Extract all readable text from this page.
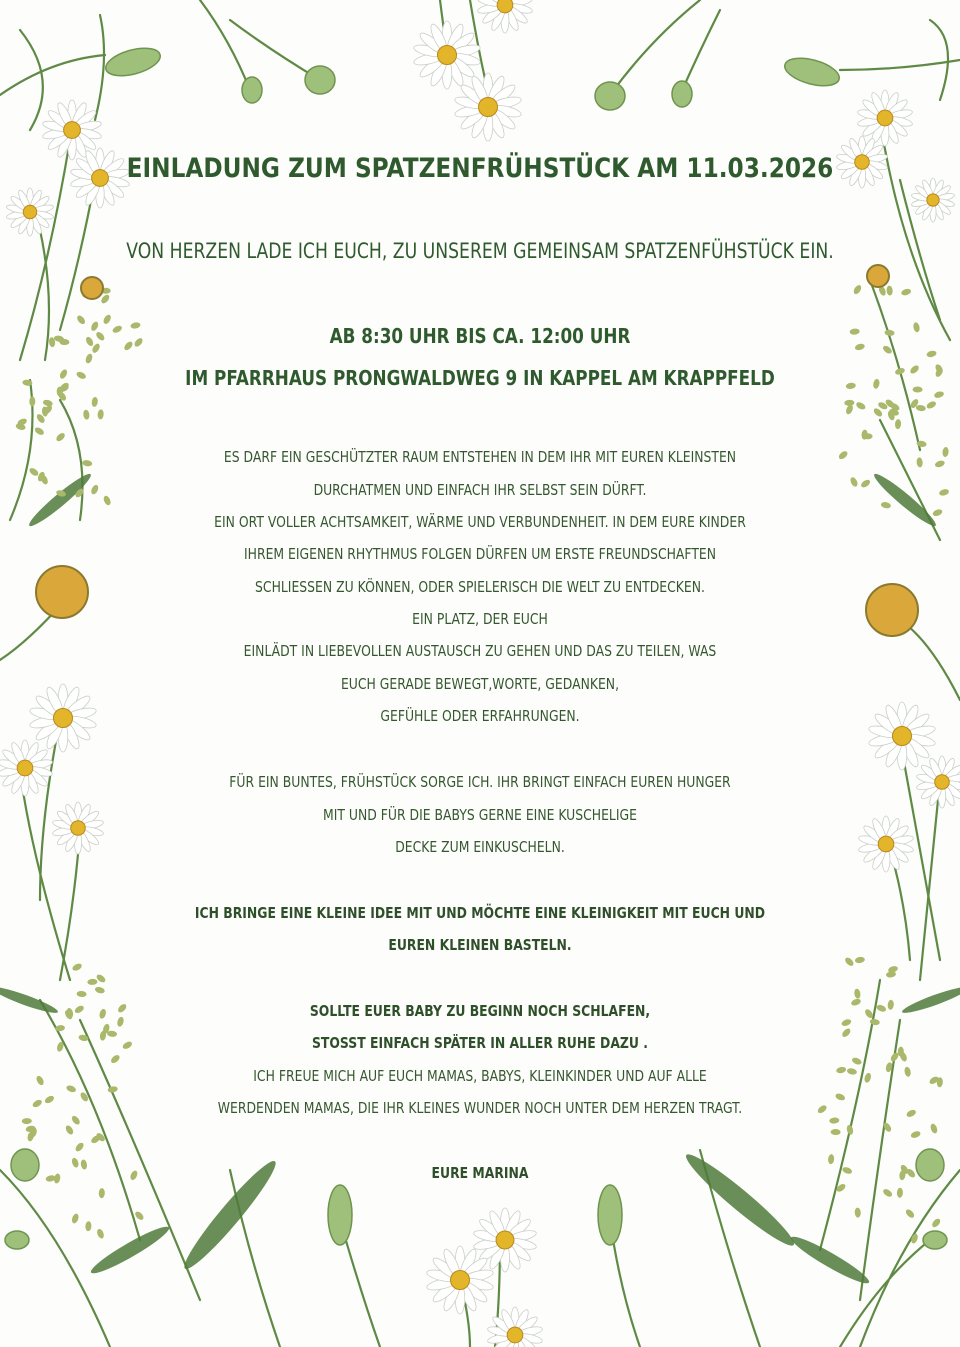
EINLADUNG ZUM SPATZENFRÜHSTÜCK AM 11.03.2026
VON HERZEN LADE ICH EUCH, ZU UNSEREM GEMEINSAM SPATZENFÜHSTÜCK EIN.
AB 8:30 UHR BIS CA. 12:00 UHR
IM PFARRHAUS PRONGWALDWEG 9 IN KAPPEL AM KRAPPFELD
ES DARF EIN GESCHÜTZTER RAUM ENTSTEHEN IN DEM IHR MIT EUREN KLEINSTEN
DURCHATMEN UND EINFACH IHR SELBST SEIN DÜRFT.
EIN ORT VOLLER ACHTSAMKEIT, WÄRME UND VERBUNDENHEIT. IN DEM EURE KINDER
IHREM EIGENEN RHYTHMUS FOLGEN DÜRFEN UM ERSTE FREUNDSCHAFTEN
SCHLIESSEN ZU KÖNNEN, ODER SPIELERISCH DIE WELT ZU ENTDECKEN.
EIN PLATZ, DER EUCH
EINLÄDT IN LIEBEVOLLEN AUSTAUSCH ZU GEHEN UND DAS ZU TEILEN, WAS
EUCH GERADE BEWEGT,WORTE, GEDANKEN,
GEFÜHLE ODER ERFAHRUNGEN.
FÜR EIN BUNTES, FRÜHSTÜCK SORGE ICH. IHR BRINGT EINFACH EUREN HUNGER
MIT UND FÜR DIE BABYS GERNE EINE KUSCHELIGE
DECKE ZUM EINKUSCHELN.
ICH BRINGE EINE KLEINE IDEE MIT UND MÖCHTE EINE KLEINIGKEIT MIT EUCH UND
EUREN KLEINEN BASTELN.
SOLLTE EUER BABY ZU BEGINN NOCH SCHLAFEN,
STOSST EINFACH SPÄTER IN ALLER RUHE DAZU .
ICH FREUE MICH AUF EUCH MAMAS, BABYS, KLEINKINDER UND AUF ALLE
WERDENDEN MAMAS, DIE IHR KLEINES WUNDER NOCH UNTER DEM HERZEN TRAGT.
EURE MARINA
